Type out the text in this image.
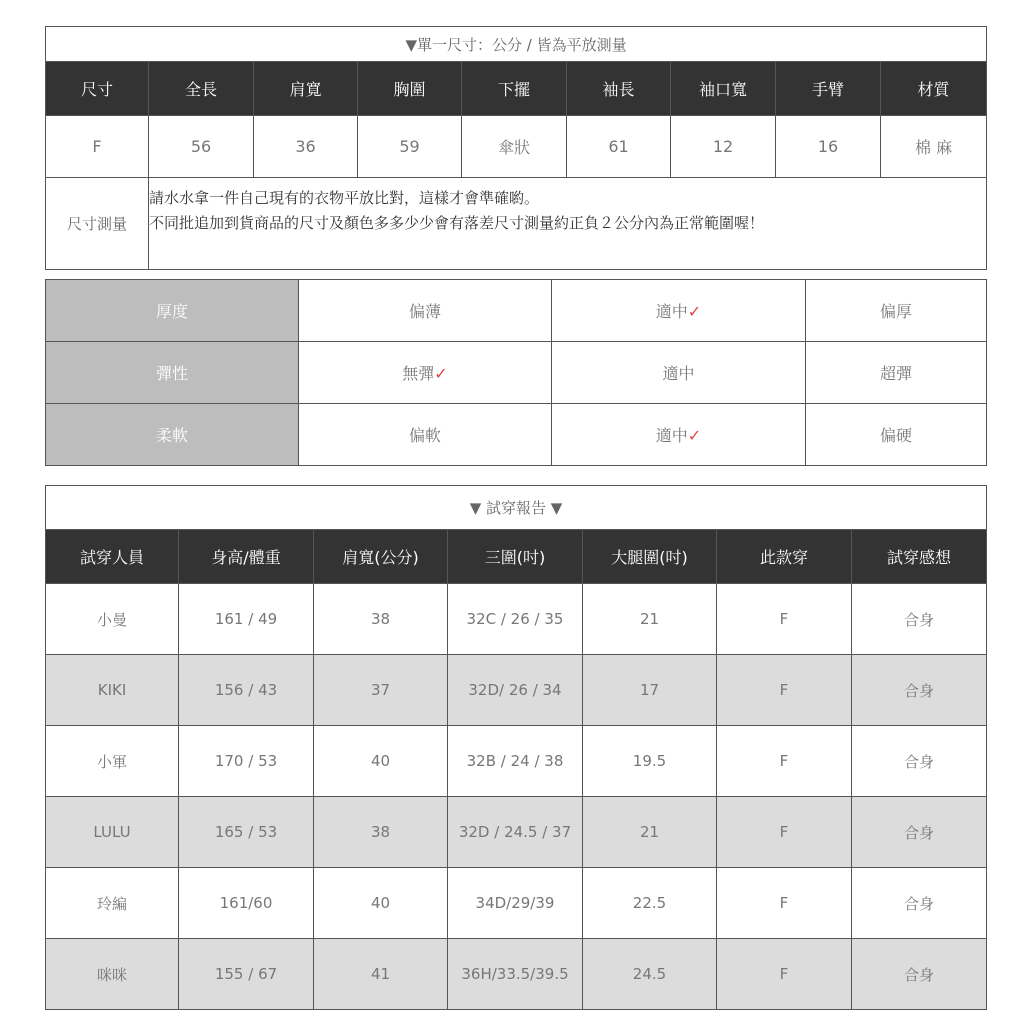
▼單一尺寸：公分 / 皆為平放測量								
尺寸	全長	肩寬	胸圍	下擺	袖長	袖口寬	手臂	材質
F	56	36	59	傘狀	61	12	16	棉 麻
尺寸測量	請水水拿一件自己現有的衣物平放比對，這樣才會準確喲。
不同批追加到貨商品的尺寸及顏色多多少少會有落差尺寸測量約正負２公分內為正常範圍喔！							
厚度	偏薄	適中✓	偏厚
彈性	無彈✓	適中	超彈
柔軟	偏軟	適中✓	偏硬
▼ 試穿報告 ▼						
試穿人員	身高/體重	肩寬(公分)	三圍(吋)	大腿圍(吋)	此款穿	試穿感想
小曼	161 / 49	38	32C / 26 / 35	21	F	合身
KIKI	156 / 43	37	32D/ 26 / 34	17	F	合身
小軍	170 / 53	40	32B / 24 / 38	19.5	F	合身
LULU	165 / 53	38	32D / 24.5 / 37	21	F	合身
玲編	161/60	40	34D/29/39	22.5	F	合身
咪咪	155 / 67	41	36H/33.5/39.5	24.5	F	合身
